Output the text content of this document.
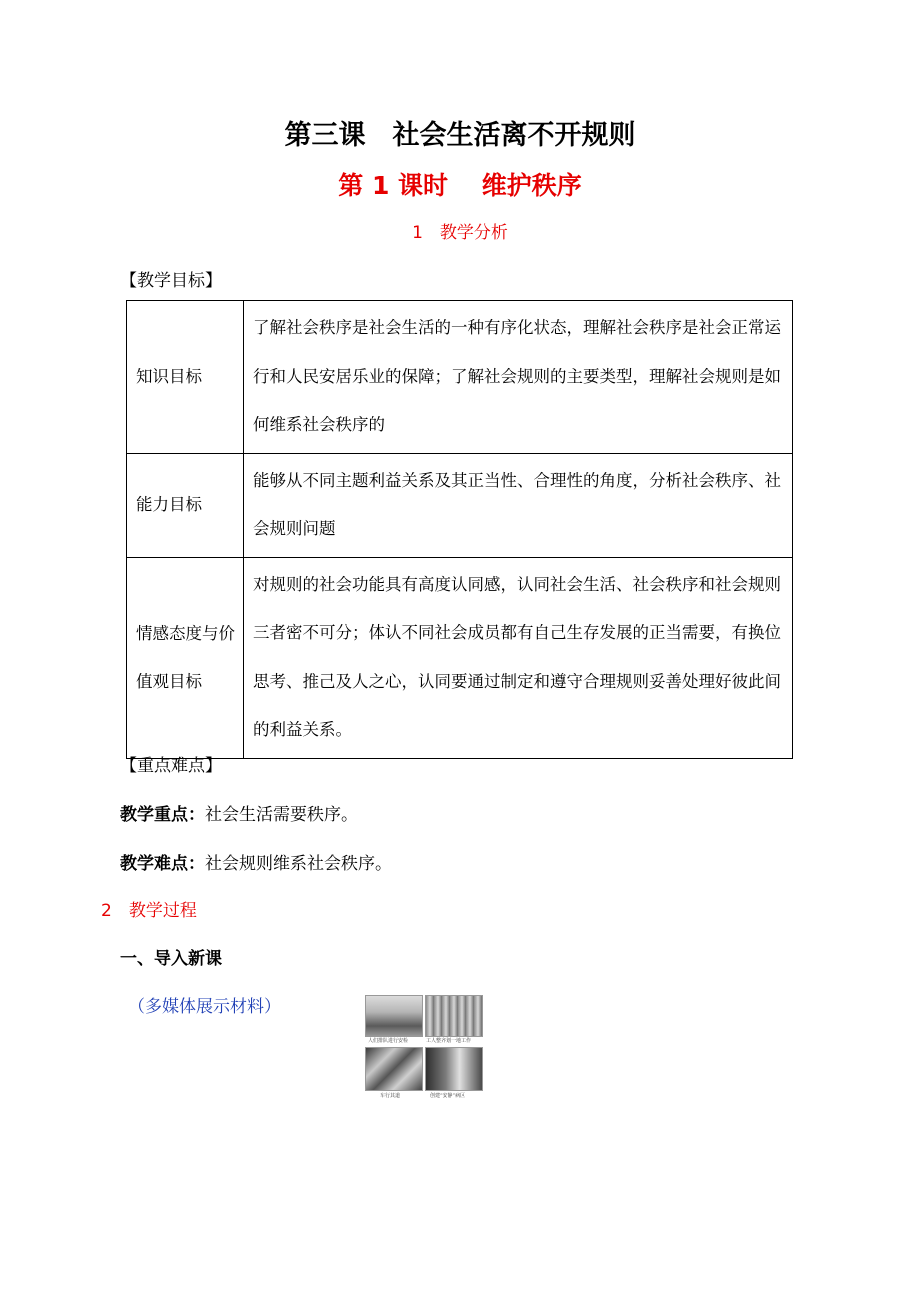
第三课　社会生活离不开规则
第 1 课时　 维护秩序
1　教学分析
【教学目标】
知识目标	了解社会秩序是社会生活的一种有序化状态，理解社会秩序是社会正常运行和人民安居乐业的保障；了解社会规则的主要类型，理解社会规则是如何维系社会秩序的
能力目标	能够从不同主题利益关系及其正当性、合理性的角度，分析社会秩序、社会规则问题
情感态度与价值观目标	对规则的社会功能具有高度认同感，认同社会生活、社会秩序和社会规则三者密不可分；体认不同社会成员都有自己生存发展的正当需要，有换位思考、推己及人之心，认同要通过制定和遵守合理规则妥善处理好彼此间的利益关系。
【重点难点】
教学重点：社会生活需要秩序。
教学难点：社会规则维系社会秩序。
2　教学过程
一、导入新课
（多媒体展示材料）
人们排队进行安检	工人整齐划一地工作
车行其道	创建“安静”病区
